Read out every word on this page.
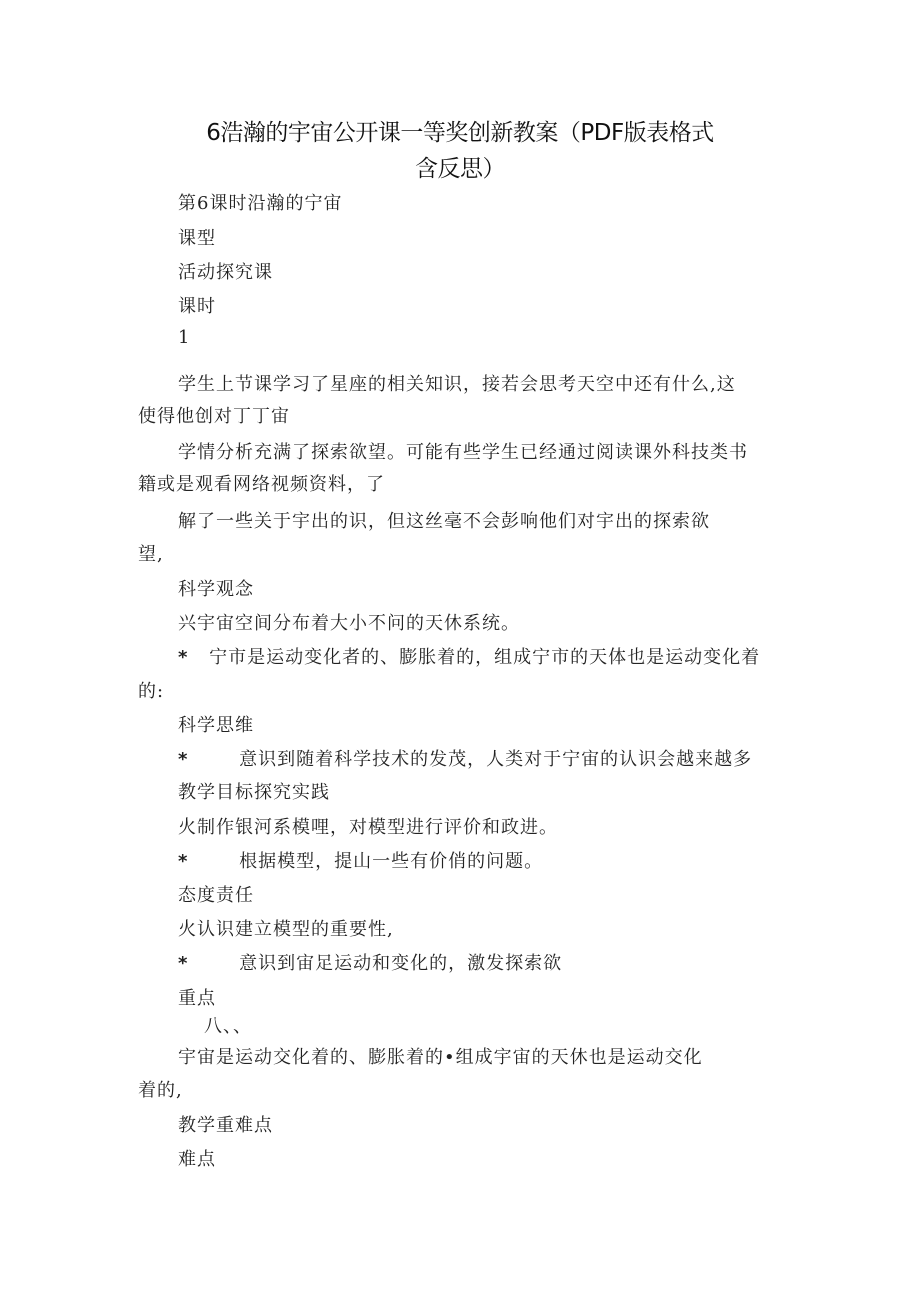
6浩瀚的宇宙公开课一等奖创新教案（PDF版表格式
含反思）
第6课时沿瀚的宁宙
课型
活动探究课
课时
1
学生上节课学习了星座的相关知识，接若会思考天空中还有什么,这
使得他创对丁丁宙
学情分析充满了探索欲望。可能有些学生已经通过阅读课外科技类书
籍或是观看网络视频资料，了
解了一些关于宇出的识，但这丝毫不会彭响他们对宇出的探索欲
望,
科学观念
兴宇宙空间分布着大小不问的天休系统。
* 宁市是运动变化者的、膨胀着的，组成宁市的天体也是运动变化着
的:
科学思维
*	意识到随着科学技术的发茂，人类对于宁宙的认识会越来越多
教学目标探究实践
火制作银河系模哩，对模型进行评价和政进。
*	根据模型，提山一些有价俏的问题。
态度责任
火认识建立模型的重要性,
*	意识到宙足运动和变化的，激发探索欲
重点
八、、
宇宙是运动交化着的、膨胀着的•组成宇宙的天休也是运动交化
着的,
教学重难点
难点
